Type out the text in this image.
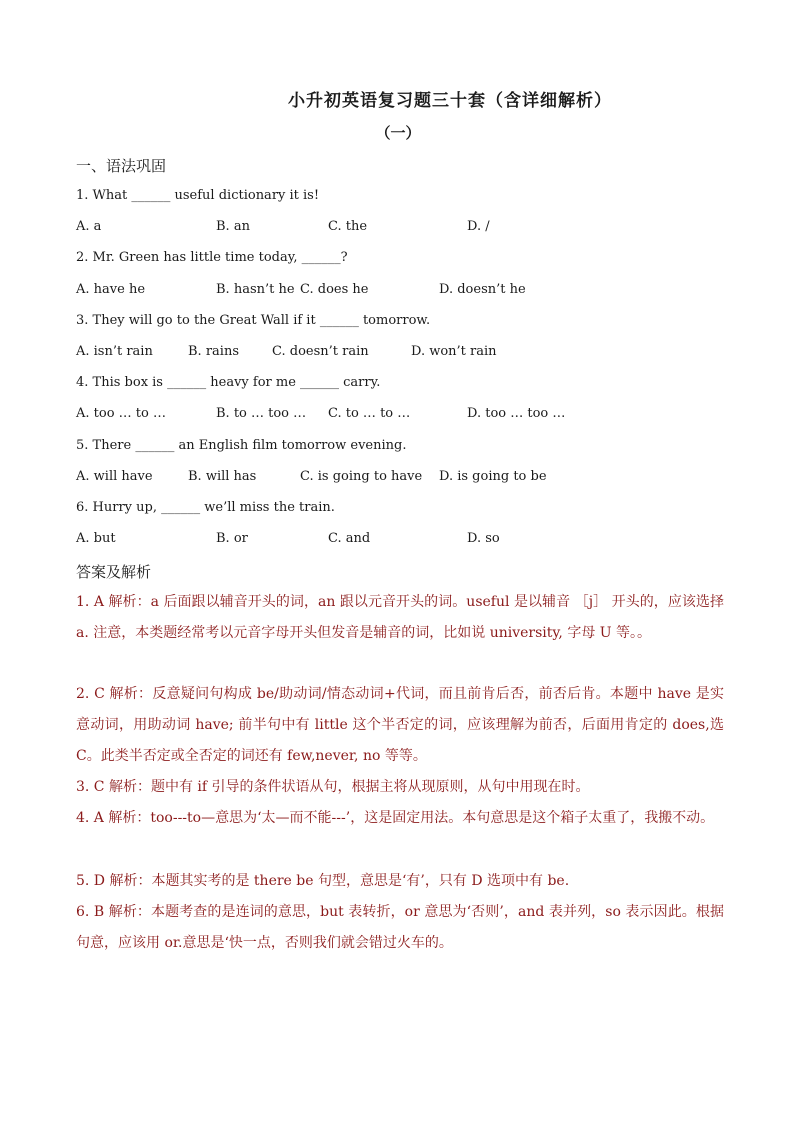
小升初英语复习题三十套（含详细解析）
（一）
一、语法巩固
1. What ______ useful dictionary it is!
A. a	B. an	C. the	D. /
2. Mr. Green has little time today, ______?
A. have he	B. hasn’t he C. does he	D. doesn’t he
3. They will go to the Great Wall if it ______ tomorrow.
A. isn’t rain	B. rains	C. doesn’t rain	D. won’t rain
4. This box is ______ heavy for me ______ carry.
A. too … to …	B. to … too … C. to … to …	D. too … too …
5. There ______ an English film tomorrow evening.
A. will have	B. will has	C. is going to have D. is going to be
6. Hurry up, ______ we’ll miss the train.
A. but	B. or	C. and	D. so
答案及解析
1. A 解析：a 后面跟以辅音开头的词，an 跟以元音开头的词。useful 是以辅音 ［j］ 开头的，应该选择 a. 注意，本类题经常考以元音字母开头但发音是辅音的词，比如说 university, 字母 U 等。。
2. C 解析：反意疑问句构成 be/助动词/情态动词+代词，而且前肯后否，前否后肯。本题中 have 是实意动词，用助动词 have; 前半句中有 little 这个半否定的词，应该理解为前否，后面用肯定的 does,选 C。此类半否定或全否定的词还有 few,never, no 等等。
3. C 解析：题中有 if 引导的条件状语从句，根据主将从现原则，从句中用现在时。
4. A 解析：too---to—意思为‘太—而不能---’，这是固定用法。本句意思是这个箱子太重了，我搬不动。
5. D 解析：本题其实考的是 there be 句型，意思是‘有’，只有 D 选项中有 be.
6. B 解析：本题考查的是连词的意思，but 表转折，or 意思为‘否则’，and 表并列，so 表示因此。根据句意，应该用 or.意思是‘快一点，否则我们就会错过火车的。
